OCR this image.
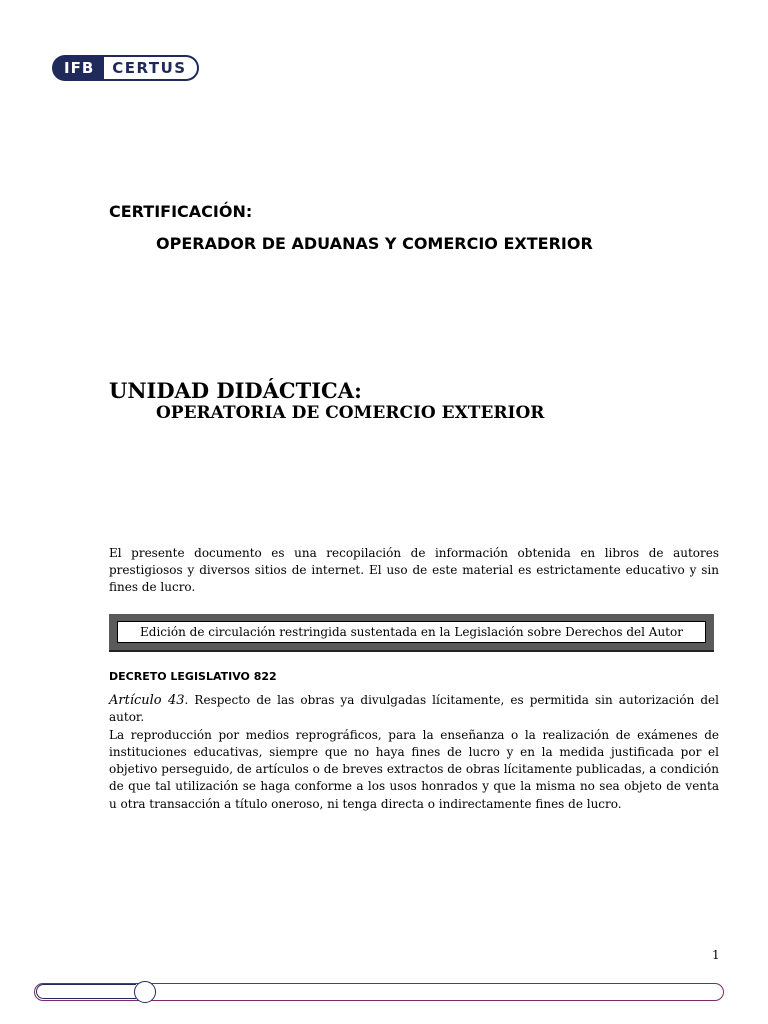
IFB	CERTUS
CERTIFICACIÓN:
OPERADOR DE ADUANAS Y COMERCIO EXTERIOR
UNIDAD DIDÁCTICA:
OPERATORIA DE COMERCIO EXTERIOR
El presente documento es una recopilación de información obtenida en libros de autores prestigiosos y diversos sitios de internet. El uso de este material es estrictamente educativo y sin fines de lucro.
Edición de circulación restringida sustentada en la Legislación sobre Derechos del Autor
DECRETO LEGISLATIVO 822

Artículo 43. Respecto de las obras ya divulgadas lícitamente, es permitida sin autorización del autor.

La reproducción por medios reprográficos, para la enseñanza o la realización de exámenes de instituciones educativas, siempre que no haya fines de lucro y en la medida justificada por el objetivo perseguido, de artículos o de breves extractos de obras lícitamente publicadas, a condición de que tal utilización se haga conforme a los usos honrados y que la misma no sea objeto de venta u otra transacción a título oneroso, ni tenga directa o indirectamente fines de lucro.

1
